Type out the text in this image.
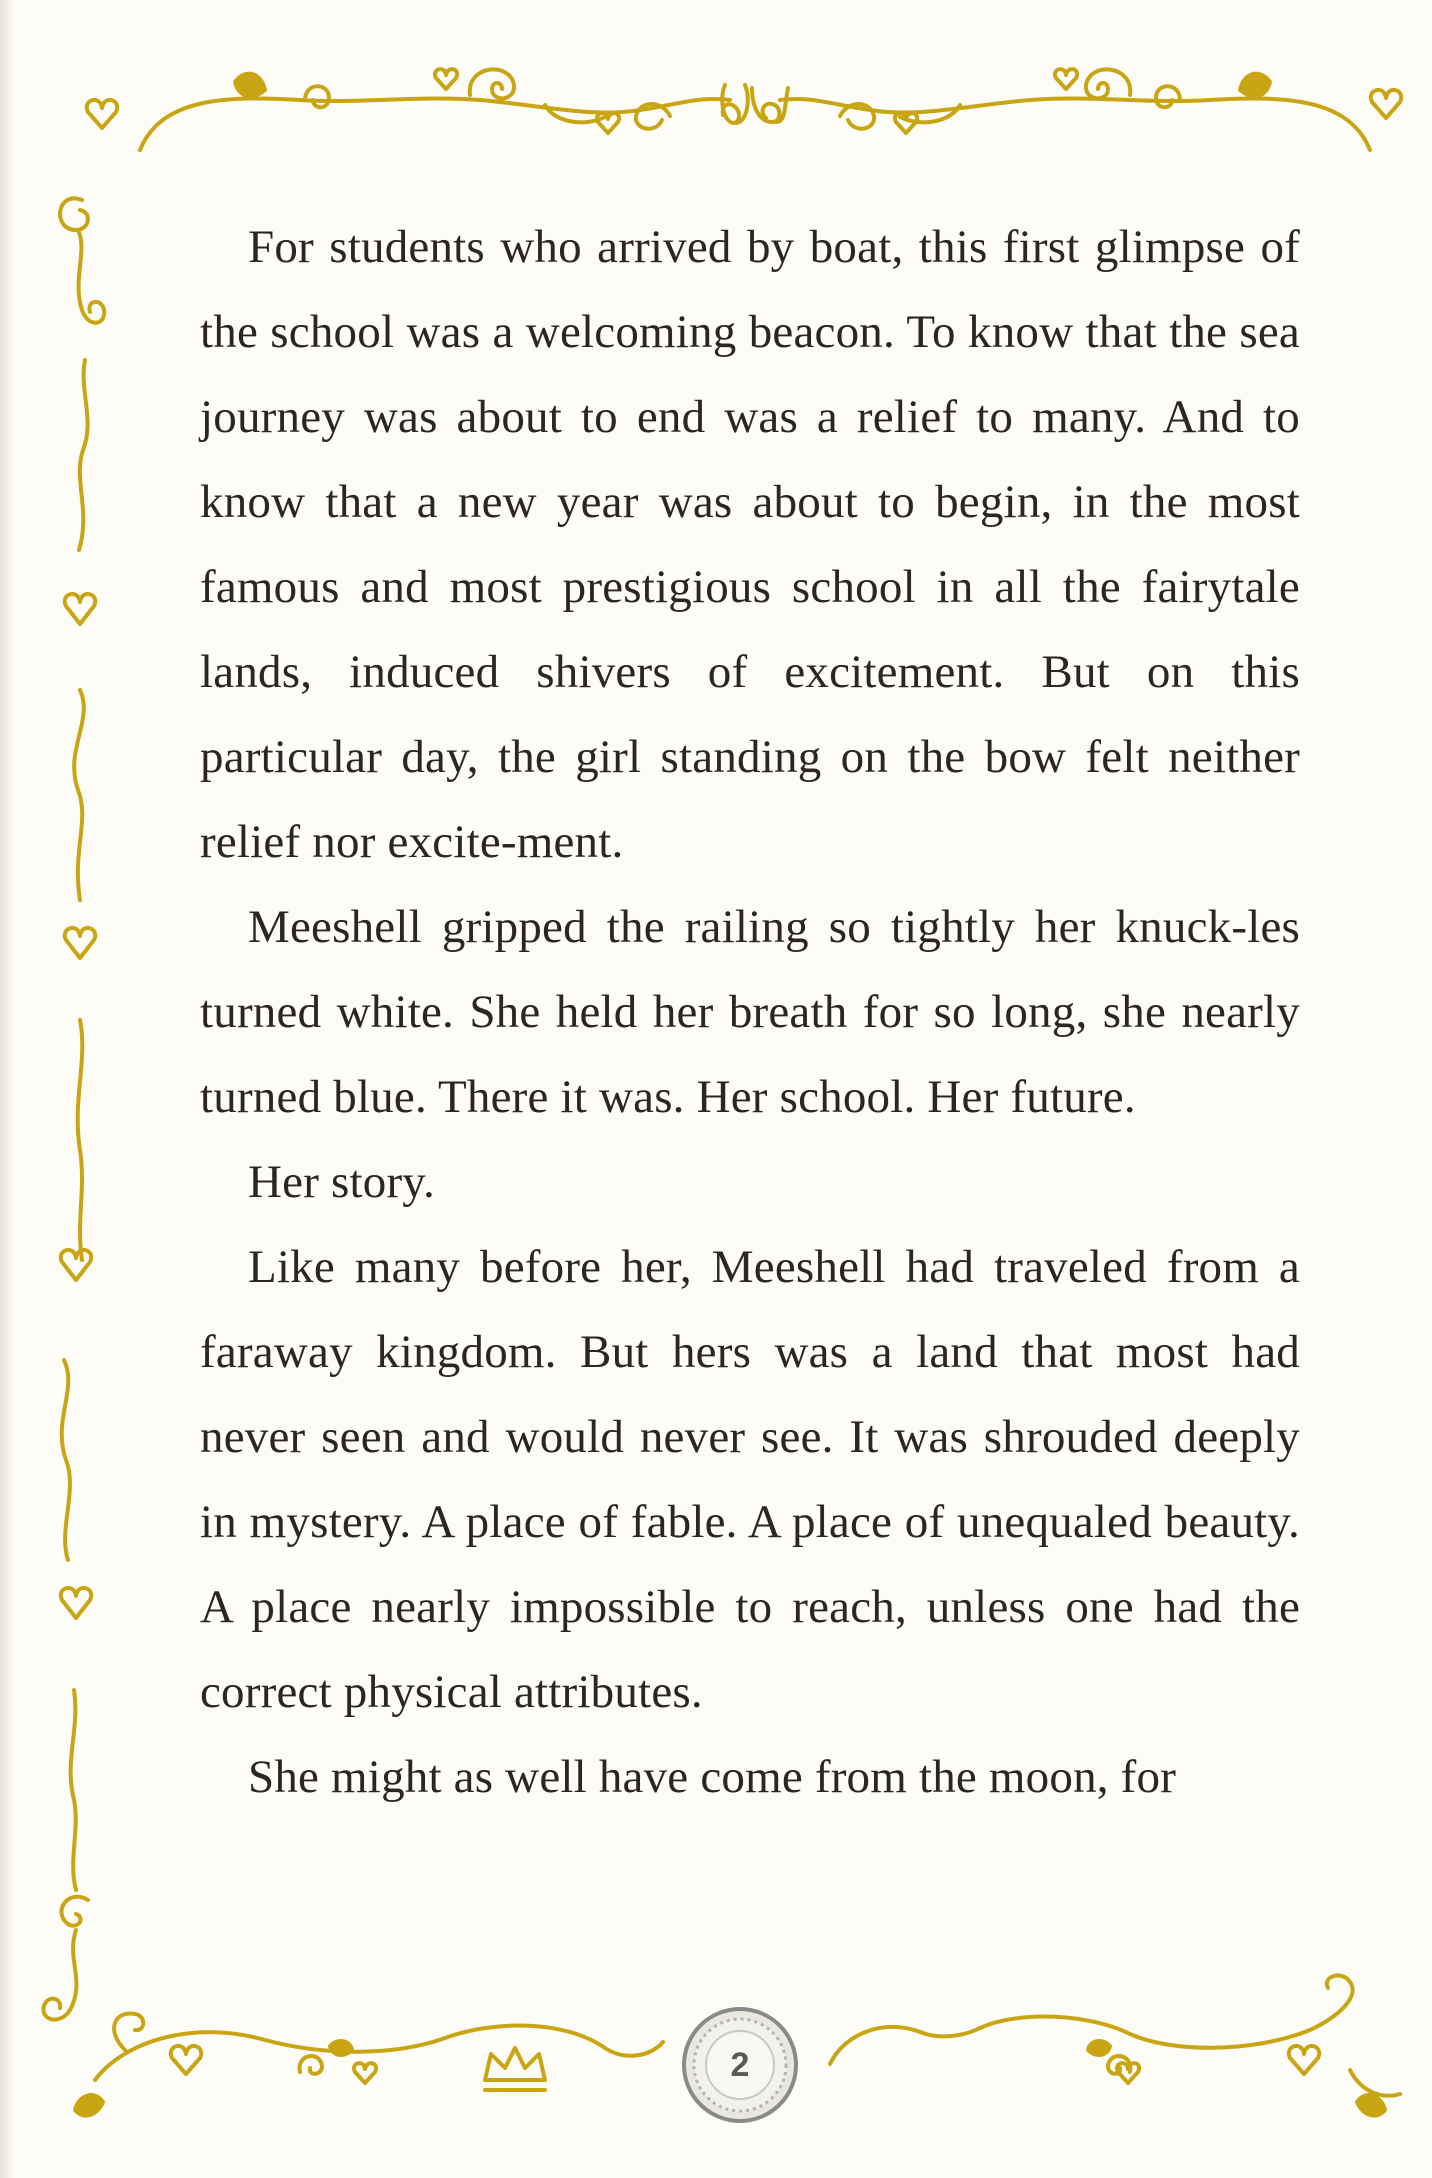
For students who arrived by boat, this first glimpse of the school was a welcoming beacon. To know that the sea journey was about to end was a relief to many. And to know that a new year was about to begin, in the most famous and most prestigious school in all the fairytale lands, induced shivers of excitement. But on this particular day, the girl standing on the bow felt neither relief nor excite-ment.

Meeshell gripped the railing so tightly her knuck-les turned white. She held her breath for so long, she nearly turned blue. There it was. Her school. Her future.

Her story.

Like many before her, Meeshell had traveled from a faraway kingdom. But hers was a land that most had never seen and would never see. It was shrouded deeply in mystery. A place of fable. A place of unequaled beauty. A place nearly impossible to reach, unless one had the correct physical attributes.

She might as well have come from the moon, for

2
